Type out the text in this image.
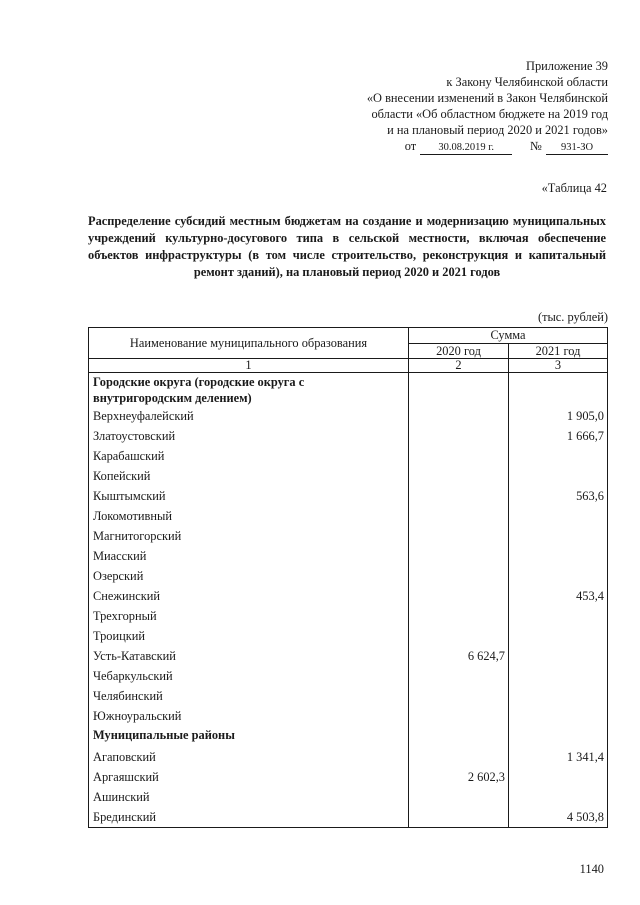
Приложение 39
к Закону Челябинской области
«О внесении изменений в Закон Челябинской
области «Об областном бюджете на 2019 год
и на плановый период 2020 и 2021 годов»
от	30.08.2019 г.	№	931-ЗО
«Таблица 42
Распределение субсидий местным бюджетам на создание и модернизацию муниципальных учреждений культурно-досугового типа в сельской местности, включая обеспечение объектов инфраструктуры (в том числе строительство, реконструкция и капитальный ремонт зданий), на плановый период 2020 и 2021 годов
(тыс. рублей)
Наименование муниципального образования	Сумма	
	2020 год	2021 год
1	2	3
Городские округа (городские округа с внутригородским делением)		
Верхнеуфалейский		1 905,0
Златоустовский		1 666,7
Карабашский		
Копейский		
Кыштымский		563,6
Локомотивный		
Магнитогорский		
Миасский		
Озерский		
Снежинский		453,4
Трехгорный		
Троицкий		
Усть-Катавский	6 624,7	
Чебаркульский		
Челябинский		
Южноуральский		
Муниципальные районы		
Агаповский		1 341,4
Аргаяшский	2 602,3	
Ашинский		
Брединский		4 503,8
1140
